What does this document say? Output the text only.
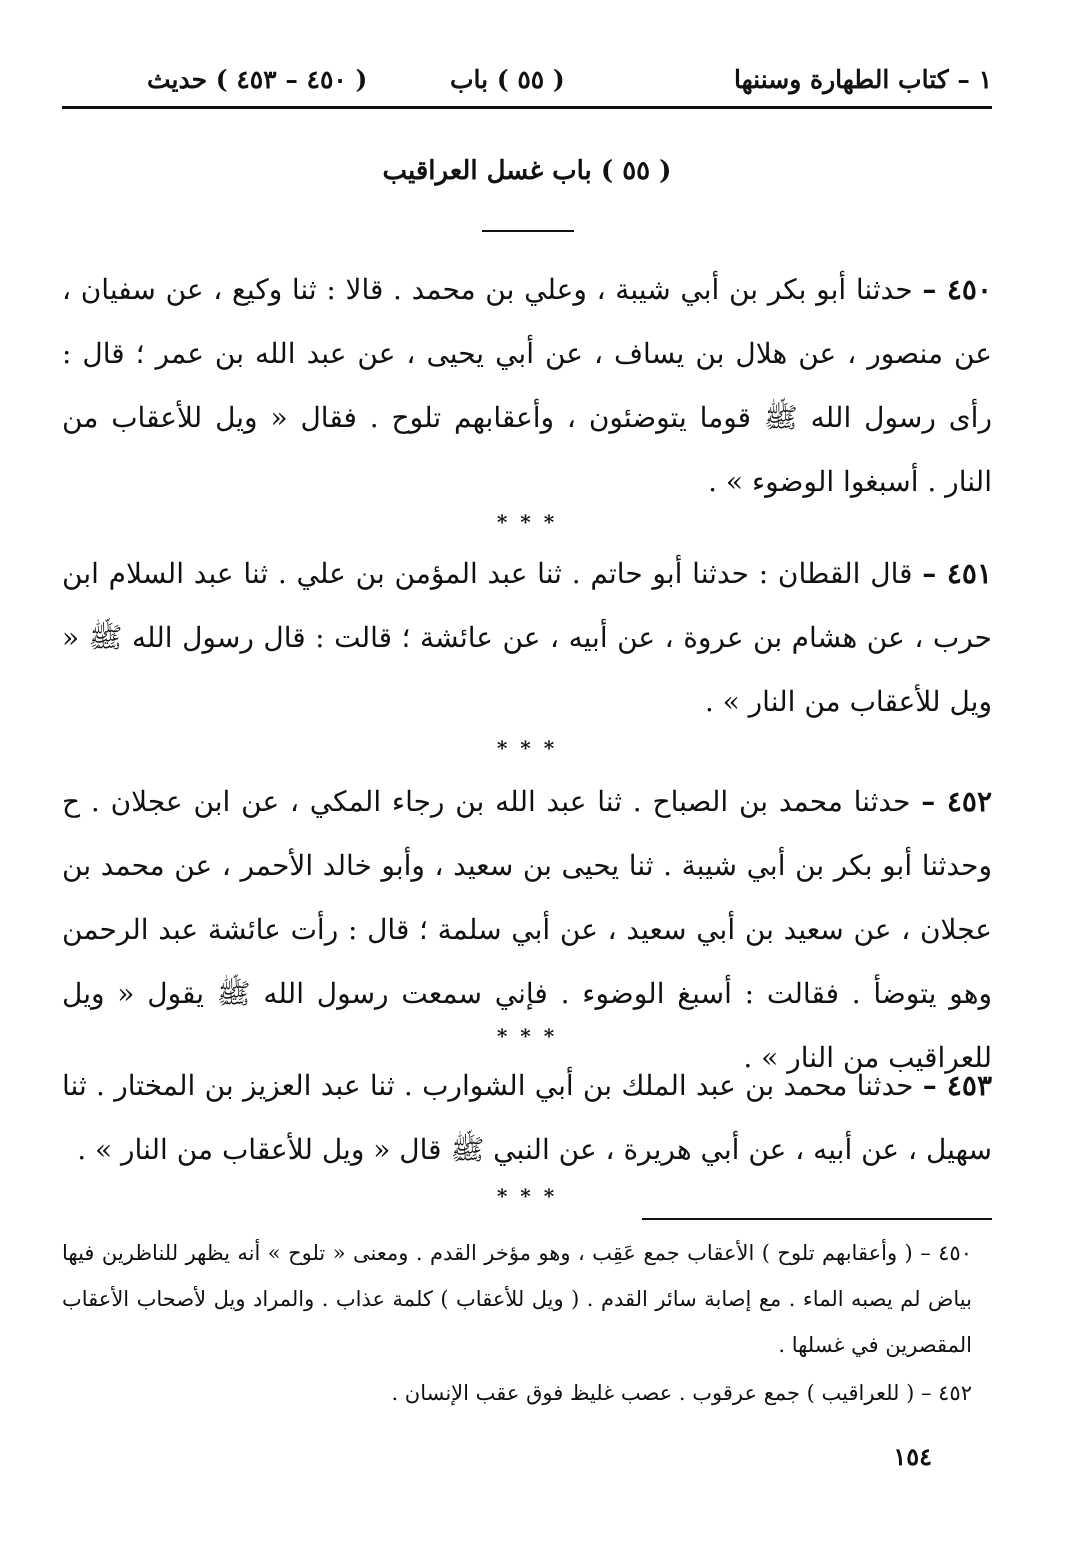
١ – كتاب الطهارة وسننها
( ٥٥ ) باب
( ٤٥٠ – ٤٥٣ ) حديث
( ٥٥ ) باب غسل العراقيب
٤٥٠ – حدثنا أبو بكر بن أبي شيبة ، وعلي بن محمد . قالا : ثنا وكيع ، عن سفيان ، عن منصور ، عن هلال بن يساف ، عن أبي يحيى ، عن عبد الله بن عمر ؛ قال : رأى رسول الله ﷺ قوما يتوضئون ، وأعقابهم تلوح . فقال « ويل للأعقاب من النار . أسبغوا الوضوء » .
* * *
٤٥١ – قال القطان : حدثنا أبو حاتم . ثنا عبد المؤمن بن علي . ثنا عبد السلام ابن حرب ، عن هشام بن عروة ، عن أبيه ، عن عائشة ؛ قالت : قال رسول الله ﷺ « ويل للأعقاب من النار » .
* * *
٤٥٢ – حدثنا محمد بن الصباح . ثنا عبد الله بن رجاء المكي ، عن ابن عجلان . ح وحدثنا أبو بكر بن أبي شيبة . ثنا يحيى بن سعيد ، وأبو خالد الأحمر ، عن محمد بن عجلان ، عن سعيد بن أبي سعيد ، عن أبي سلمة ؛ قال : رأت عائشة عبد الرحمن وهو يتوضأ . فقالت : أسبغ الوضوء . فإني سمعت رسول الله ﷺ يقول « ويل للعراقيب من النار » .
* * *
٤٥٣ – حدثنا محمد بن عبد الملك بن أبي الشوارب . ثنا عبد العزيز بن المختار . ثنا سهيل ، عن أبيه ، عن أبي هريرة ، عن النبي ﷺ قال « ويل للأعقاب من النار » .
* * *
٤٥٠ – ( وأعقابهم تلوح ) الأعقاب جمع عَقِب ، وهو مؤخر القدم . ومعنى « تلوح » أنه يظهر للناظرين فيها بياض لم يصبه الماء . مع إصابة سائر القدم . ( ويل للأعقاب ) كلمة عذاب . والمراد ويل لأصحاب الأعقاب المقصرين في غسلها .
٤٥٢ – ( للعراقيب ) جمع عرقوب . عصب غليظ فوق عقب الإنسان .
١٥٤
